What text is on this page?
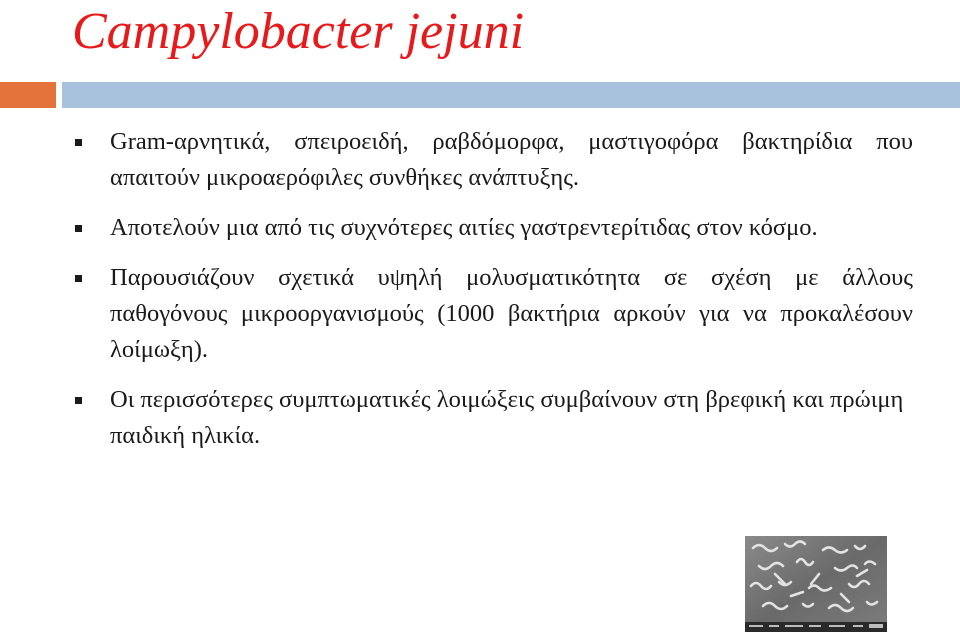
Campylobacter jejuni
Gram-αρνητικά, σπειροειδή, ραβδόμορφα, μαστιγοφόρα βακτηρίδια που απαιτούν μικροαερόφιλες συνθήκες ανάπτυξης.
Αποτελούν μια από τις συχνότερες αιτίες γαστρεντερίτιδας στον κόσμο.
Παρουσιάζουν σχετικά υψηλή μολυσματικότητα σε σχέση με άλλους παθογόνους μικροοργανισμούς (1000 βακτήρια αρκούν για να προκαλέσουν λοίμωξη).
Οι περισσότερες συμπτωματικές λοιμώξεις συμβαίνουν στη βρεφική και πρώιμη παιδική ηλικία.
